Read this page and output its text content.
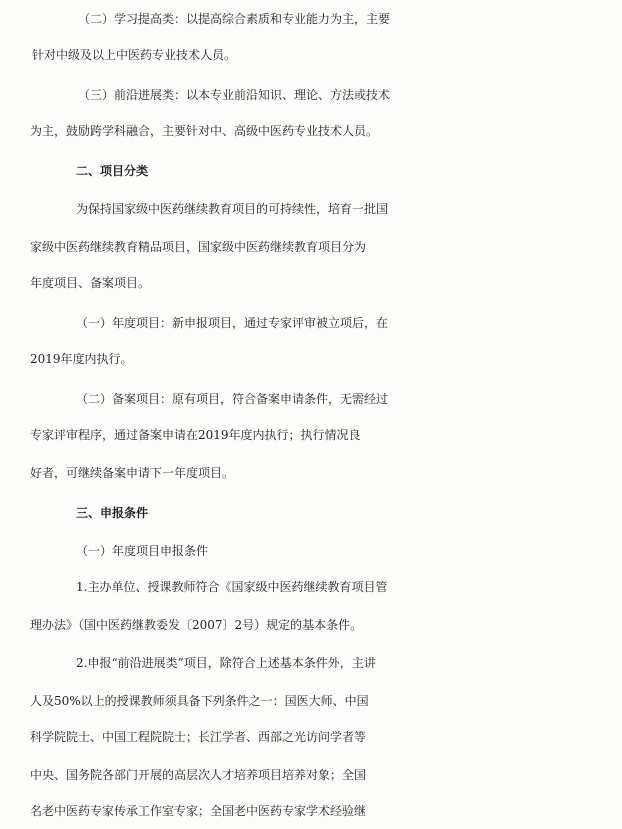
（二）学习提高类：以提高综合素质和专业能力为主，主要
针对中级及以上中医药专业技术人员。
（三）前沿进展类：以本专业前沿知识、理论、方法或技术
为主，鼓励跨学科融合，主要针对中、高级中医药专业技术人员。
二、项目分类
为保持国家级中医药继续教育项目的可持续性，培育一批国
家级中医药继续教育精品项目，国家级中医药继续教育项目分为
年度项目、备案项目。
（一）年度项目：新申报项目，通过专家评审被立项后，在
2019年度内执行。
（二）备案项目：原有项目，符合备案申请条件，无需经过
专家评审程序，通过备案申请在2019年度内执行；执行情况良
好者，可继续备案申请下一年度项目。
三、申报条件
（一）年度项目申报条件
1.主办单位、授课教师符合《国家级中医药继续教育项目管
理办法》（国中医药继教委发〔2007〕2号）规定的基本条件。
2.申报“前沿进展类”项目，除符合上述基本条件外，主讲
人及50%以上的授课教师须具备下列条件之一：国医大师、中国
科学院院士、中国工程院院士；长江学者、西部之光访问学者等
中央、国务院各部门开展的高层次人才培养项目培养对象；全国
名老中医药专家传承工作室专家；全国老中医药专家学术经验继
